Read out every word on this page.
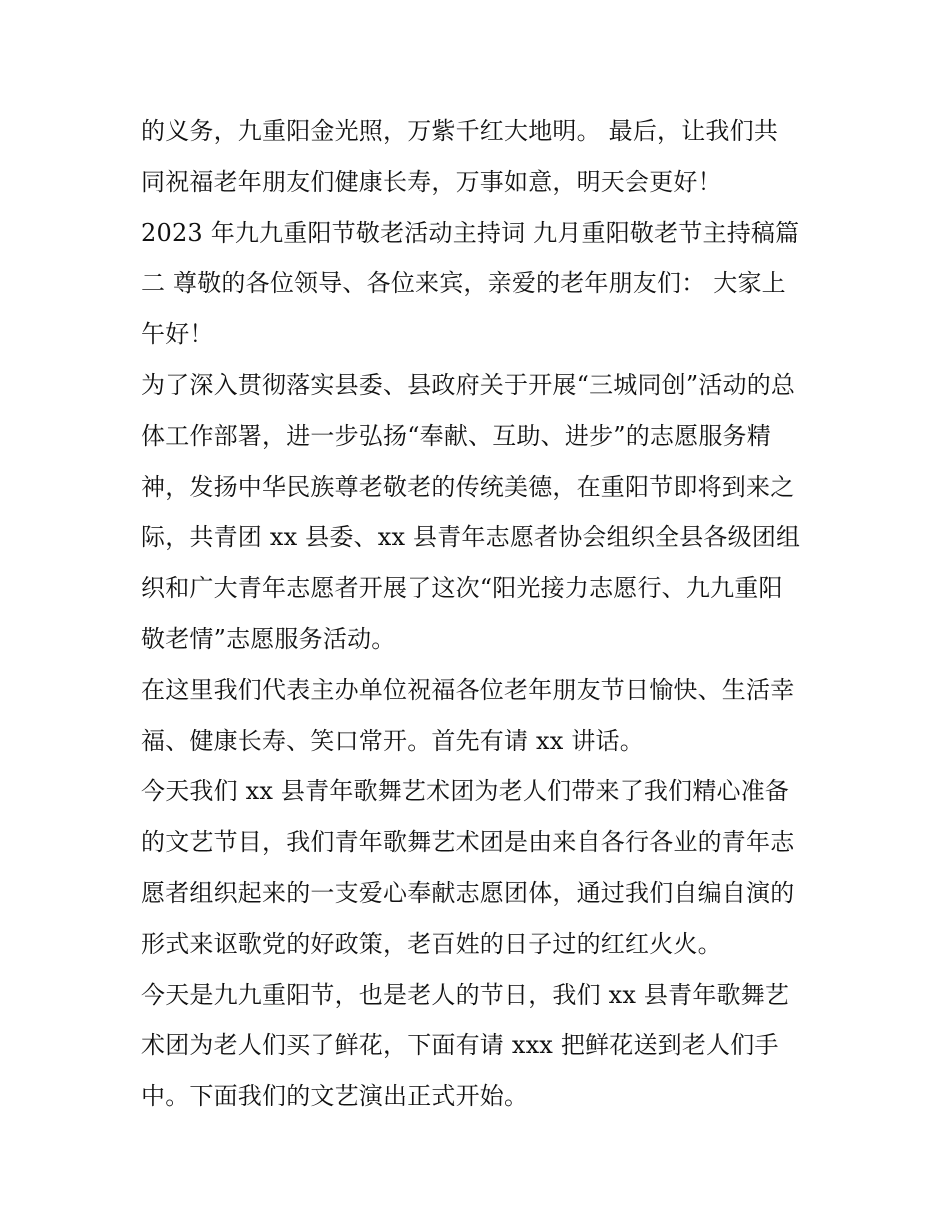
的义务，九重阳金光照，万紫千红大地明。 最后，让我们共
同祝福老年朋友们健康长寿，万事如意，明天会更好！
2023 年九九重阳节敬老活动主持词 九月重阳敬老节主持稿篇
二 尊敬的各位领导、各位来宾，亲爱的老年朋友们： 大家上
午好！
为了深入贯彻落实县委、县政府关于开展“三城同创”活动的总
体工作部署，进一步弘扬“奉献、互助、进步”的志愿服务精
神，发扬中华民族尊老敬老的传统美德，在重阳节即将到来之
际，共青团 xx 县委、xx 县青年志愿者协会组织全县各级团组
织和广大青年志愿者开展了这次“阳光接力志愿行、九九重阳
敬老情”志愿服务活动。
在这里我们代表主办单位祝福各位老年朋友节日愉快、生活幸
福、健康长寿、笑口常开。首先有请 xx 讲话。
今天我们 xx 县青年歌舞艺术团为老人们带来了我们精心准备
的文艺节目，我们青年歌舞艺术团是由来自各行各业的青年志
愿者组织起来的一支爱心奉献志愿团体，通过我们自编自演的
形式来讴歌党的好政策，老百姓的日子过的红红火火。
今天是九九重阳节，也是老人的节日，我们 xx 县青年歌舞艺
术团为老人们买了鲜花，下面有请 xxx 把鲜花送到老人们手
中。下面我们的文艺演出正式开始。
